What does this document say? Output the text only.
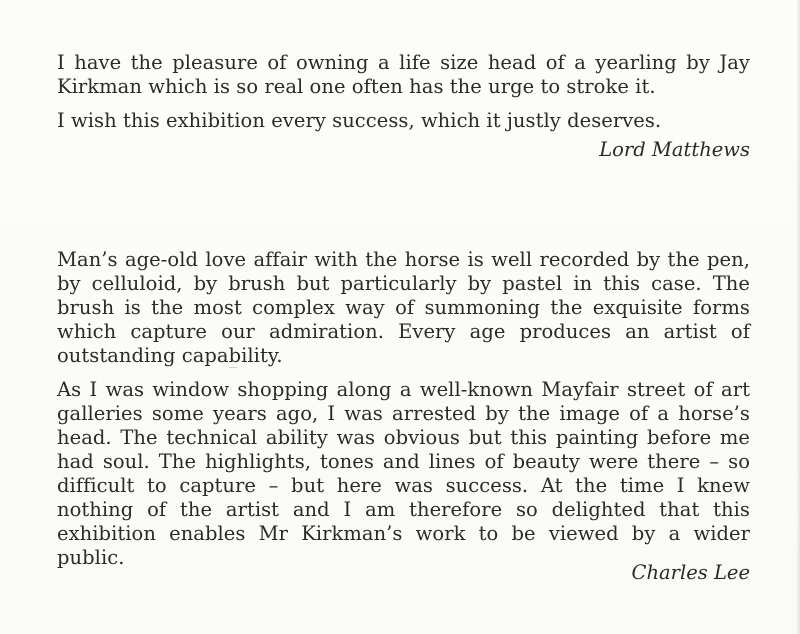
I have the pleasure of owning a life size head of a yearling by Jay Kirkman which is so real one often has the urge to stroke it.

I wish this exhibition every success, which it justly deserves.

Lord Matthews

Man’s age-old love affair with the horse is well recorded by the pen, by celluloid, by brush but particularly by pastel in this case. The brush is the most complex way of summoning the exquisite forms which capture our admiration. Every age produces an artist of outstanding capability.

As I was window shopping along a well-known Mayfair street of art galleries some years ago, I was arrested by the image of a horse’s head. The technical ability was obvious but this painting before me had soul. The highlights, tones and lines of beauty were there – so difficult to capture – but here was success. At the time I knew nothing of the artist and I am therefore so delighted that this exhibition enables Mr Kirkman’s work to be viewed by a wider public.

Charles Lee
